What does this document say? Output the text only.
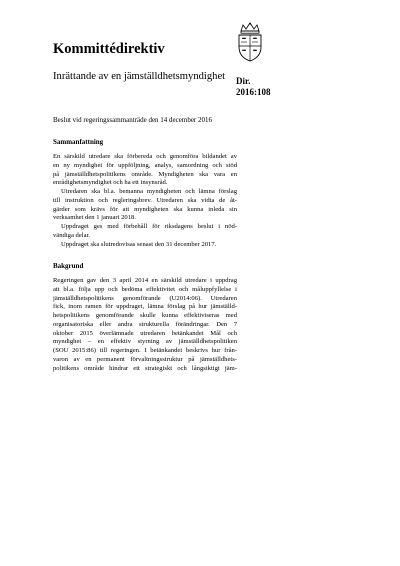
Kommittédirektiv
Inrättande av en jämställdhetsmyndighet Dir.
2016:108
Beslut vid regeringssammanträde den 14 december 2016
Sammanfattning
En särskild utredare ska förbereda och genomföra bildandet av
en ny myndighet för uppföljning, analys, samordning och stöd
på jämställdhetspolitikens område. Myndigheten ska vara en
enrådighetsmyndighet och ha ett insynsråd.
Utredaren ska bl.a. bemanna myndigheten och lämna förslag
till instruktion och regleringsbrev. Utredaren ska vidta de åt-
gärder som krävs för att myndigheten ska kunna inleda sin
verksamhet den 1 januari 2018.
Uppdraget ges med förbehåll för riksdagens beslut i nöd-
vändiga delar.
Uppdraget ska slutredovisas senast den 31 december 2017.
Bakgrund
Regeringen gav den 3 april 2014 en särskild utredare i uppdrag
att bl.a. följa upp och bedöma effektivitet och måluppfyllelse i
jämställdhetspolitikens genomförande (U2014:06). Utredaren
fick, inom ramen för uppdraget, lämna förslag på hur jämställd-
hetspolitikens genomförande skulle kunna effektiviseras med
organisatoriska eller andra strukturella förändringar. Den 7
oktober 2015 överlämnade utredaren betänkandet Mål och
myndighet – en effektiv styrning av jämställdhetspolitiken
(SOU 2015:86) till regeringen. I betänkandet beskrivs hur från-
varon av en permanent förvaltningsstruktur på jämställdhets-
politikens område hindrar ett strategiskt och långsiktigt jäm-
